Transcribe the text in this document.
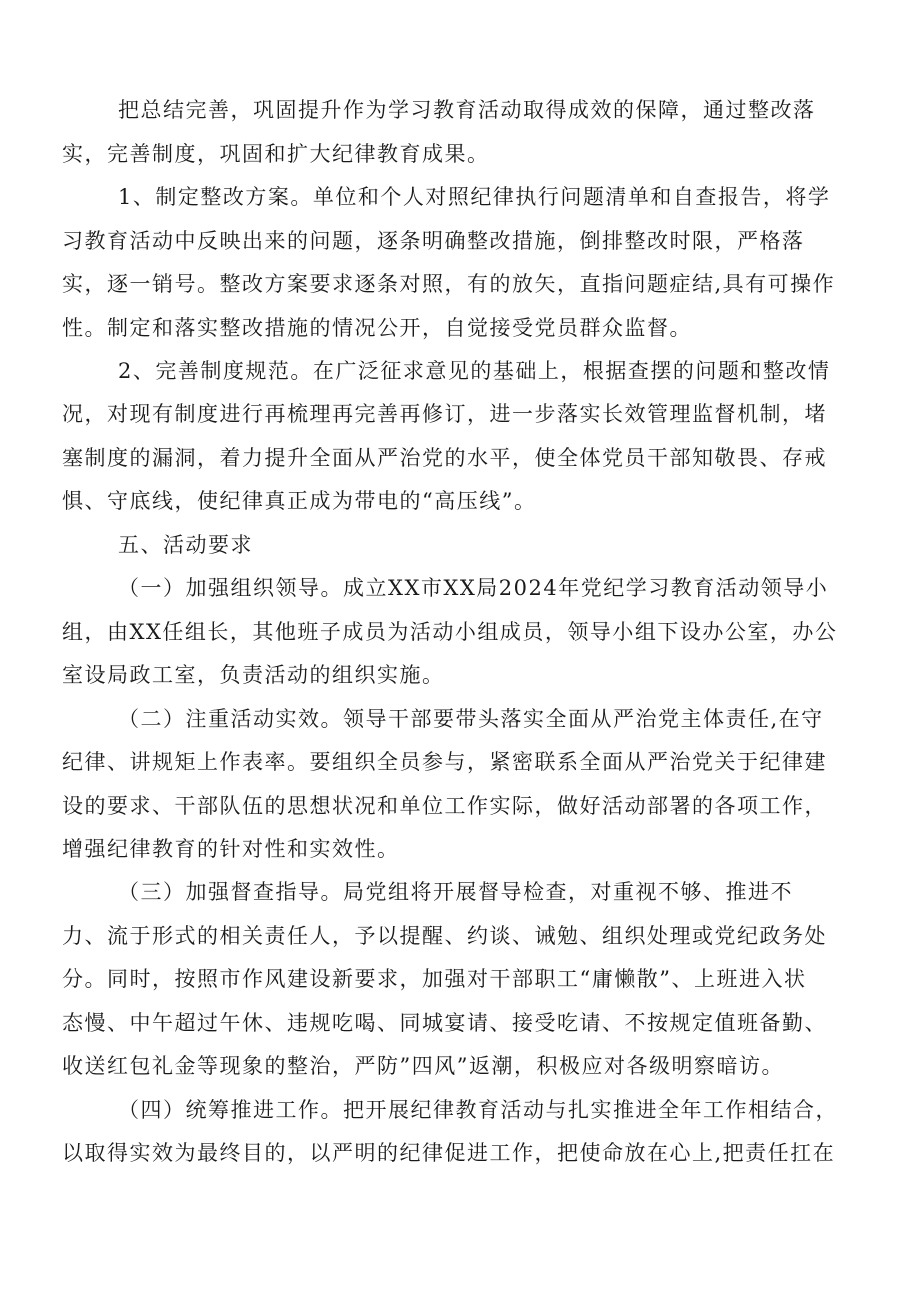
把总结完善，巩固提升作为学习教育活动取得成效的保障，通过整改落
实，完善制度，巩固和扩大纪律教育成果。
1、制定整改方案。单位和个人对照纪律执行问题清单和自查报告，将学
习教育活动中反映出来的问题，逐条明确整改措施，倒排整改时限，严格落
实，逐一销号。整改方案要求逐条对照，有的放矢，直指问题症结,具有可操作
性。制定和落实整改措施的情况公开，自觉接受党员群众监督。
2、完善制度规范。在广泛征求意见的基础上，根据查摆的问题和整改情
况，对现有制度进行再梳理再完善再修订，进一步落实长效管理监督机制，堵
塞制度的漏洞，着力提升全面从严治党的水平，使全体党员干部知敬畏、存戒
惧、守底线，使纪律真正成为带电的“高压线”。
五、活动要求
（一）加强组织领导。成立XX市XX局2024年党纪学习教育活动领导小
组，由XX任组长，其他班子成员为活动小组成员，领导小组下设办公室，办公
室设局政工室，负责活动的组织实施。
（二）注重活动实效。领导干部要带头落实全面从严治党主体责任,在守
纪律、讲规矩上作表率。要组织全员参与，紧密联系全面从严治党关于纪律建
设的要求、干部队伍的思想状况和单位工作实际，做好活动部署的各项工作，
增强纪律教育的针对性和实效性。
（三）加强督查指导。局党组将开展督导检查，对重视不够、推进不
力、流于形式的相关责任人，予以提醒、约谈、诫勉、组织处理或党纪政务处
分。同时，按照市作风建设新要求，加强对干部职工“庸懒散”、上班进入状
态慢、中午超过午休、违规吃喝、同城宴请、接受吃请、不按规定值班备勤、
收送红包礼金等现象的整治，严防”四风”返潮，积极应对各级明察暗访。
（四）统筹推进工作。把开展纪律教育活动与扎实推进全年工作相结合，
以取得实效为最终目的，以严明的纪律促进工作，把使命放在心上,把责任扛在
